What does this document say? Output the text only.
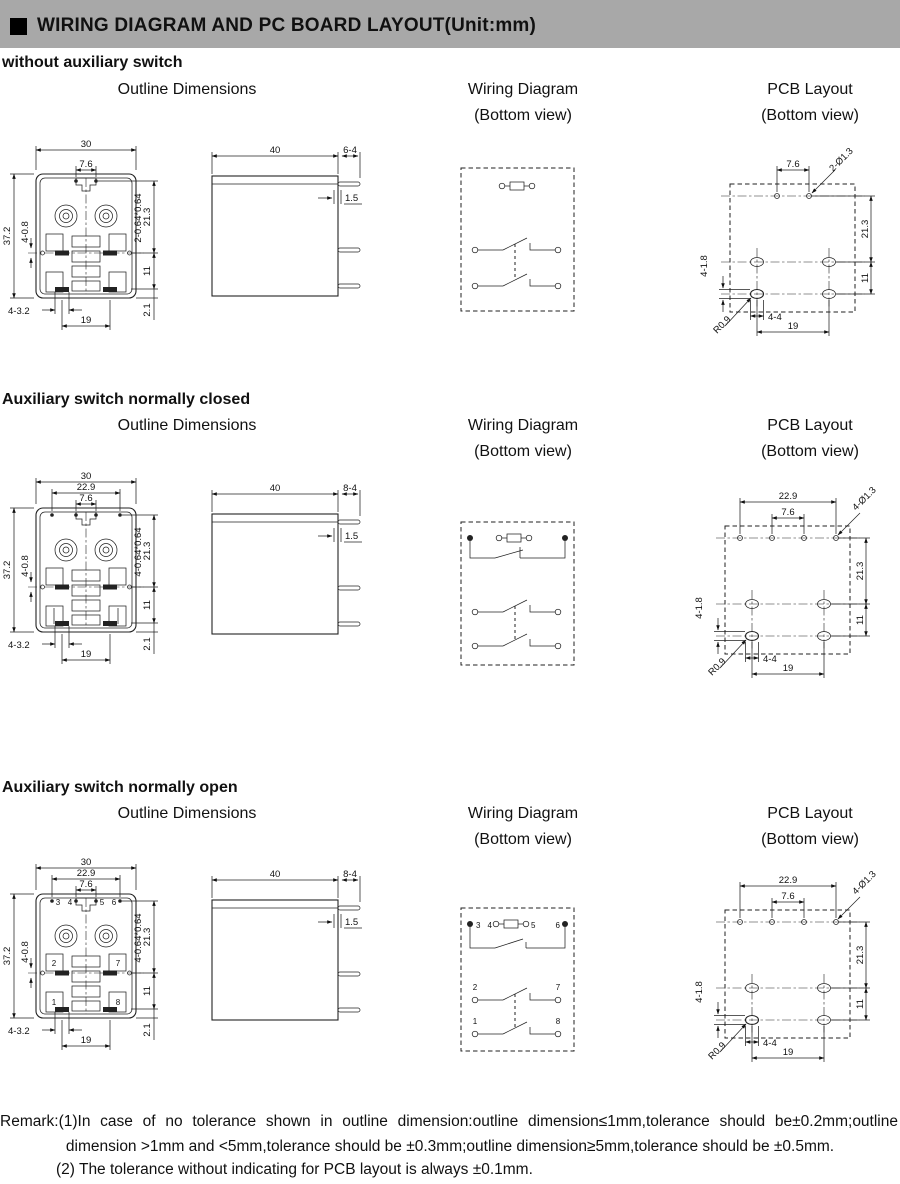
WIRING DIAGRAM AND PC BOARD LAYOUT(Unit:mm)
without auxiliary switch
Outline Dimensions	Wiring Diagram	PCB Layout
(Bottom view)	(Bottom view)
30
7.6
37.2 4-0.8	2-0.64*0.64
21.3
11
2.1
4-3.2
19
40	6-4
1.5
7.6	2-Ø1.3
21.3
11
4-1.8
R0.9	4-4
19
Auxiliary switch normally closed
Outline Dimensions	Wiring Diagram	PCB Layout
(Bottom view)	(Bottom view)
30
22.9
7.6
37.2 4-0.8	4-0.64*0.64
21.3
11
2.1
4-3.2
19
40	8-4
1.5
22.9
7.6	4-Ø1.3
21.3
11
4-1.8
R0.9	4-4
19
Auxiliary switch normally open
Outline Dimensions	Wiring Diagram	PCB Layout
(Bottom view)	(Bottom view)
3 4	5 6
2	7
1	8
30
22.9
7.6
37.2 4-0.8	4-0.64*0.64
21.3
11
2.1
4-3.2
19
40	8-4
1.5	3 4	5	6
2	7
1	8
22.9
7.6	4-Ø1.3
21.3
11
4-1.8
R0.9	4-4
19
Remark:(1)In case of no tolerance shown in outline dimension:outline dimension≤1mm,tolerance should be±0.2mm;outline
dimension >1mm and <5mm,tolerance should be ±0.3mm;outline dimension≥5mm,tolerance should be ±0.5mm.
(2) The tolerance without indicating for PCB layout is always ±0.1mm.
